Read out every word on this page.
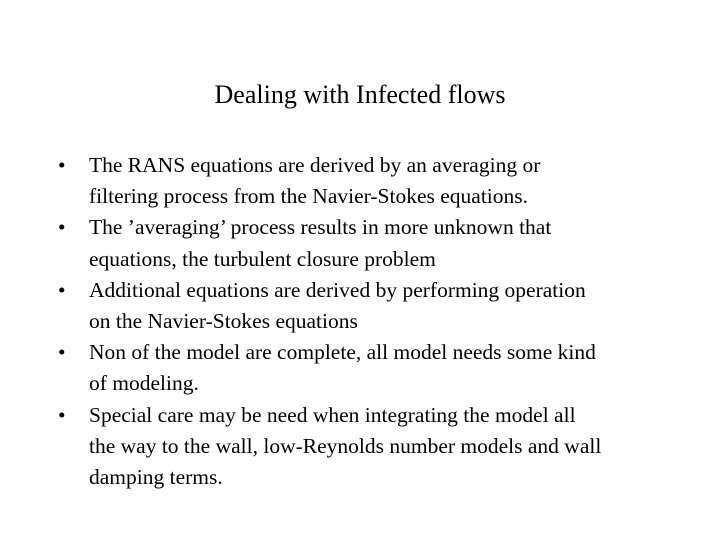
Dealing with Infected flows
•	The RANS equations are derived by an averaging or
filtering process from the Navier-Stokes equations.
•	The ’averaging’ process results in more unknown that
equations, the turbulent closure problem
•	Additional equations are derived by performing operation
on the Navier-Stokes equations
•	Non of the model are complete, all model needs some kind
of modeling.
•	Special care may be need when integrating the model all
the way to the wall, low-Reynolds number models and wall
damping terms.
